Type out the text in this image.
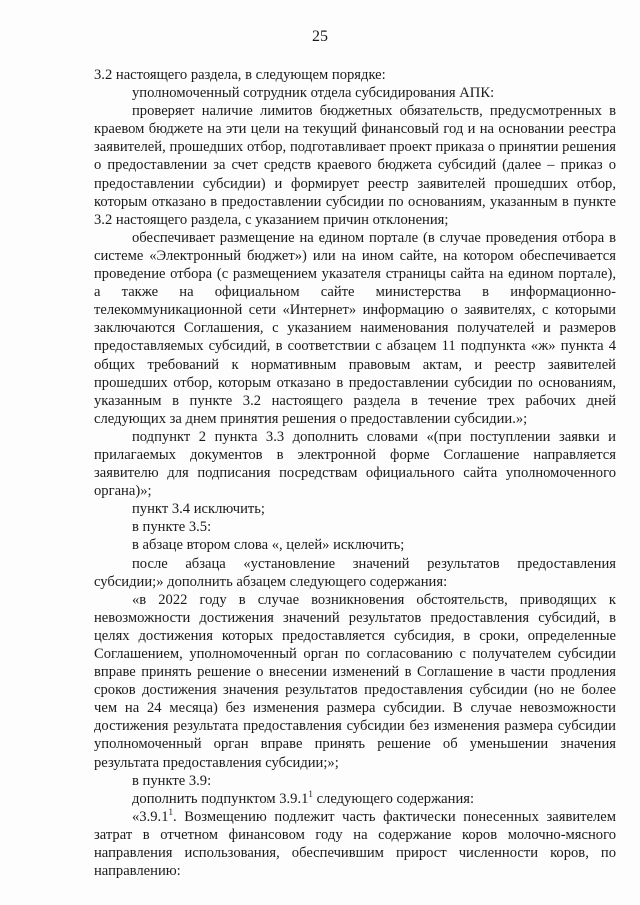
25

3.2 настоящего раздела, в следующем порядке:

уполномоченный сотрудник отдела субсидирования АПК:

проверяет наличие лимитов бюджетных обязательств, предусмотренных в краевом бюджете на эти цели на текущий финансовый год и на основании реестра заявителей, прошедших отбор, подготавливает проект приказа о принятии решения о предоставлении за счет средств краевого бюджета субсидий (далее – приказ о предоставлении субсидии) и формирует реестр заявителей прошедших отбор, которым отказано в предоставлении субсидии по основаниям, указанным в пункте 3.2 настоящего раздела, с указанием причин отклонения;

обеспечивает размещение на едином портале (в случае проведения отбора в системе «Электронный бюджет») или на ином сайте, на котором обеспечивается проведение отбора (с размещением указателя страницы сайта на едином портале), а также на официальном сайте министерства в информационно-телекоммуникационной сети «Интернет» информацию о заявителях, с которыми заключаются Соглашения, с указанием наименования получателей и размеров предоставляемых субсидий, в соответствии с абзацем 11 подпункта «ж» пункта 4 общих требований к нормативным правовым актам, и реестр заявителей прошедших отбор, которым отказано в предоставлении субсидии по основаниям, указанным в пункте 3.2 настоящего раздела в течение трех рабочих дней следующих за днем принятия решения о предоставлении субсидии.»;

подпункт 2 пункта 3.3 дополнить словами «(при поступлении заявки и прилагаемых документов в электронной форме Соглашение направляется заявителю для подписания посредствам официального сайта уполномоченного органа)»;

пункт 3.4 исключить;

в пункте 3.5:

в абзаце втором слова «, целей» исключить;

после абзаца «установление значений результатов предоставления субсидии;» дополнить абзацем следующего содержания:

«в 2022 году в случае возникновения обстоятельств, приводящих к невозможности достижения значений результатов предоставления субсидий, в целях достижения которых предоставляется субсидия, в сроки, определенные Соглашением, уполномоченный орган по согласованию с получателем субсидии вправе принять решение о внесении изменений в Соглашение в части продления сроков достижения значения результатов предоставления субсидии (но не более чем на 24 месяца) без изменения размера субсидии. В случае невозможности достижения результата предоставления субсидии без изменения размера субсидии уполномоченный орган вправе принять решение об уменьшении значения результата предоставления субсидии;»;

в пункте 3.9:

дополнить подпунктом 3.9.1$^1$ следующего содержания:

«3.9.1$^1$. Возмещению подлежит часть фактически понесенных заявителем затрат в отчетном финансовом году на содержание коров молочно-мясного направления использования, обеспечившим прирост численности коров, по направлению:
